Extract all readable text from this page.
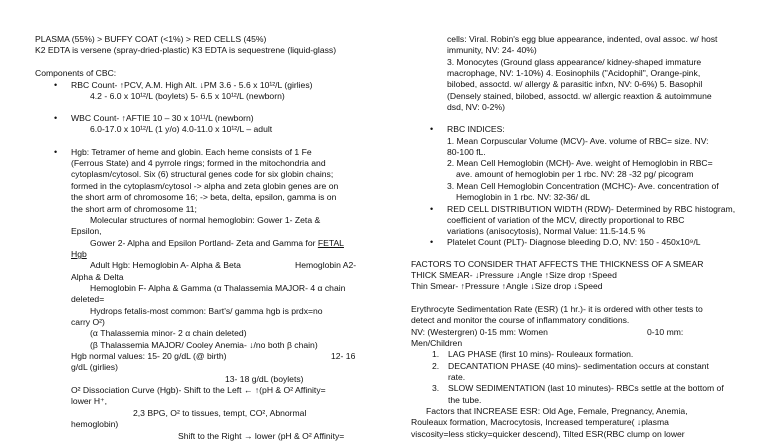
PLASMA (55%) > BUFFY COAT (<1%) > RED CELLS (45%)
K2 EDTA is versene (spray-dried-plastic) K3 EDTA is sequestrene (liquid-glass)
Components of CBC:
• RBC Count- ↑PCV, A.M. High Alt. ↓PM 3.6 - 5.6 x 10¹²/L (girlies)
4.2 - 6.0 x 10¹²/L (boylets) 5- 6.5 x 10¹²/L (newborn)
• WBC Count- ↑AFTIE 10 – 30 x 10¹¹/L (newborn)
6.0-17.0 x 10¹²/L (1 y/o) 4.0-11.0 x 10¹²/L – adult
• Hgb: Tetramer of heme and globin. Each heme consists of 1 Fe
(Ferrous State) and 4 pyrrole rings; formed in the mitochondria and
cytoplasm/cytosol. Six (6) structural genes code for six globin chains;
formed in the cytoplasm/cytosol -> alpha and zeta globin genes are on
the short arm of chromosome 16; -> beta, delta, epsilon, gamma is on
the short arm of chromosome 11;
Molecular structures of normal hemoglobin: Gower 1- Zeta &
Epsilon,
Gower 2- Alpha and Epsilon Portland- Zeta and Gamma for FETAL
Hgb
Adult Hgb: Hemoglobin A- Alpha & Beta	Hemoglobin A2-
Alpha & Delta
Hemoglobin F- Alpha & Gamma (α Thalassemia MAJOR- 4 α chain
deleted=
Hydrops fetalis-most common: Bart's/ gamma hgb is prdx=no
carry O²)
(α Thalassemia minor- 2 α chain deleted)
(β Thalassemia MAJOR/ Cooley Anemia- ↓/no both β chain)
Hgb normal values: 15- 20 g/dL (@ birth)	12- 16
g/dL (girlies)
13- 18 g/dL (boylets)
O² Dissociation Curve (Hgb)- Shift to the Left ← ↑(pH & O² Affinity=
lower H⁺,
2,3 BPG, O² to tissues, tempt, CO², Abnormal
hemoglobin)
Shift to the Right → lower (pH & O² Affinity=
cells: Viral. Robin's egg blue appearance, indented, oval assoc. w/ host
immunity, NV: 24- 40%)
3. Monocytes (Ground glass appearance/ kidney-shaped immature
macrophage, NV: 1-10%) 4. Eosinophils ("Acidophil", Orange-pink,
bilobed, assoctd. w/ allergy & parasitic infxn, NV: 0-6%) 5. Basophil
(Densely stained, bilobed, assoctd. w/ allergic reaxtion & autoimmune
dsd, NV: 0-2%)
• RBC INDICES:
1. Mean Corpuscular Volume (MCV)- Ave. volume of RBC= size. NV:
80-100 fL.
2. Mean Cell Hemoglobin (MCH)- Ave. weight of Hemoglobin in RBC=
ave. amount of hemoglobin per 1 rbc. NV: 28 -32 pg/ picogram
3. Mean Cell Hemoglobin Concentration (MCHC)- Ave. concentration of
Hemoglobin in 1 rbc. NV: 32-36/ dL
• RED CELL DISTRIBUTION WIDTH (RDW)- Determined by RBC histogram,
coefficient of variation of the MCV, directly proportional to RBC
variations (anisocytosis), Normal Value: 11.5-14.5 %
• Platelet Count (PLT)- Diagnose bleeding D.O, NV: 150 - 450x10⁹/L
FACTORS TO CONSIDER THAT AFFECTS THE THICKNESS OF A SMEAR
THICK SMEAR- ↓Pressure ↓Angle ↑Size drop ↑Speed
Thin Smear- ↑Pressure ↑Angle ↓Size drop ↓Speed
Erythrocyte Sedimentation Rate (ESR) (1 hr.)- it is ordered with other tests to
detect and monitor the course of inflammatory conditions.
NV: (Westergren) 0-15 mm: Women	0-10 mm:
Men/Children
1. LAG PHASE (first 10 mins)- Rouleaux formation.
2. DECANTATION PHASE (40 mins)- sedimentation occurs at constant
rate.
3. SLOW SEDIMENTATION (last 10 minutes)- RBCs settle at the bottom of
the tube.
Factors that INCREASE ESR: Old Age, Female, Pregnancy, Anemia,
Rouleaux formation, Macrocytosis, Increased temperature( ↓plasma
viscosity=less sticky=quicker descend), Tilted ESR(RBC clump on lower
